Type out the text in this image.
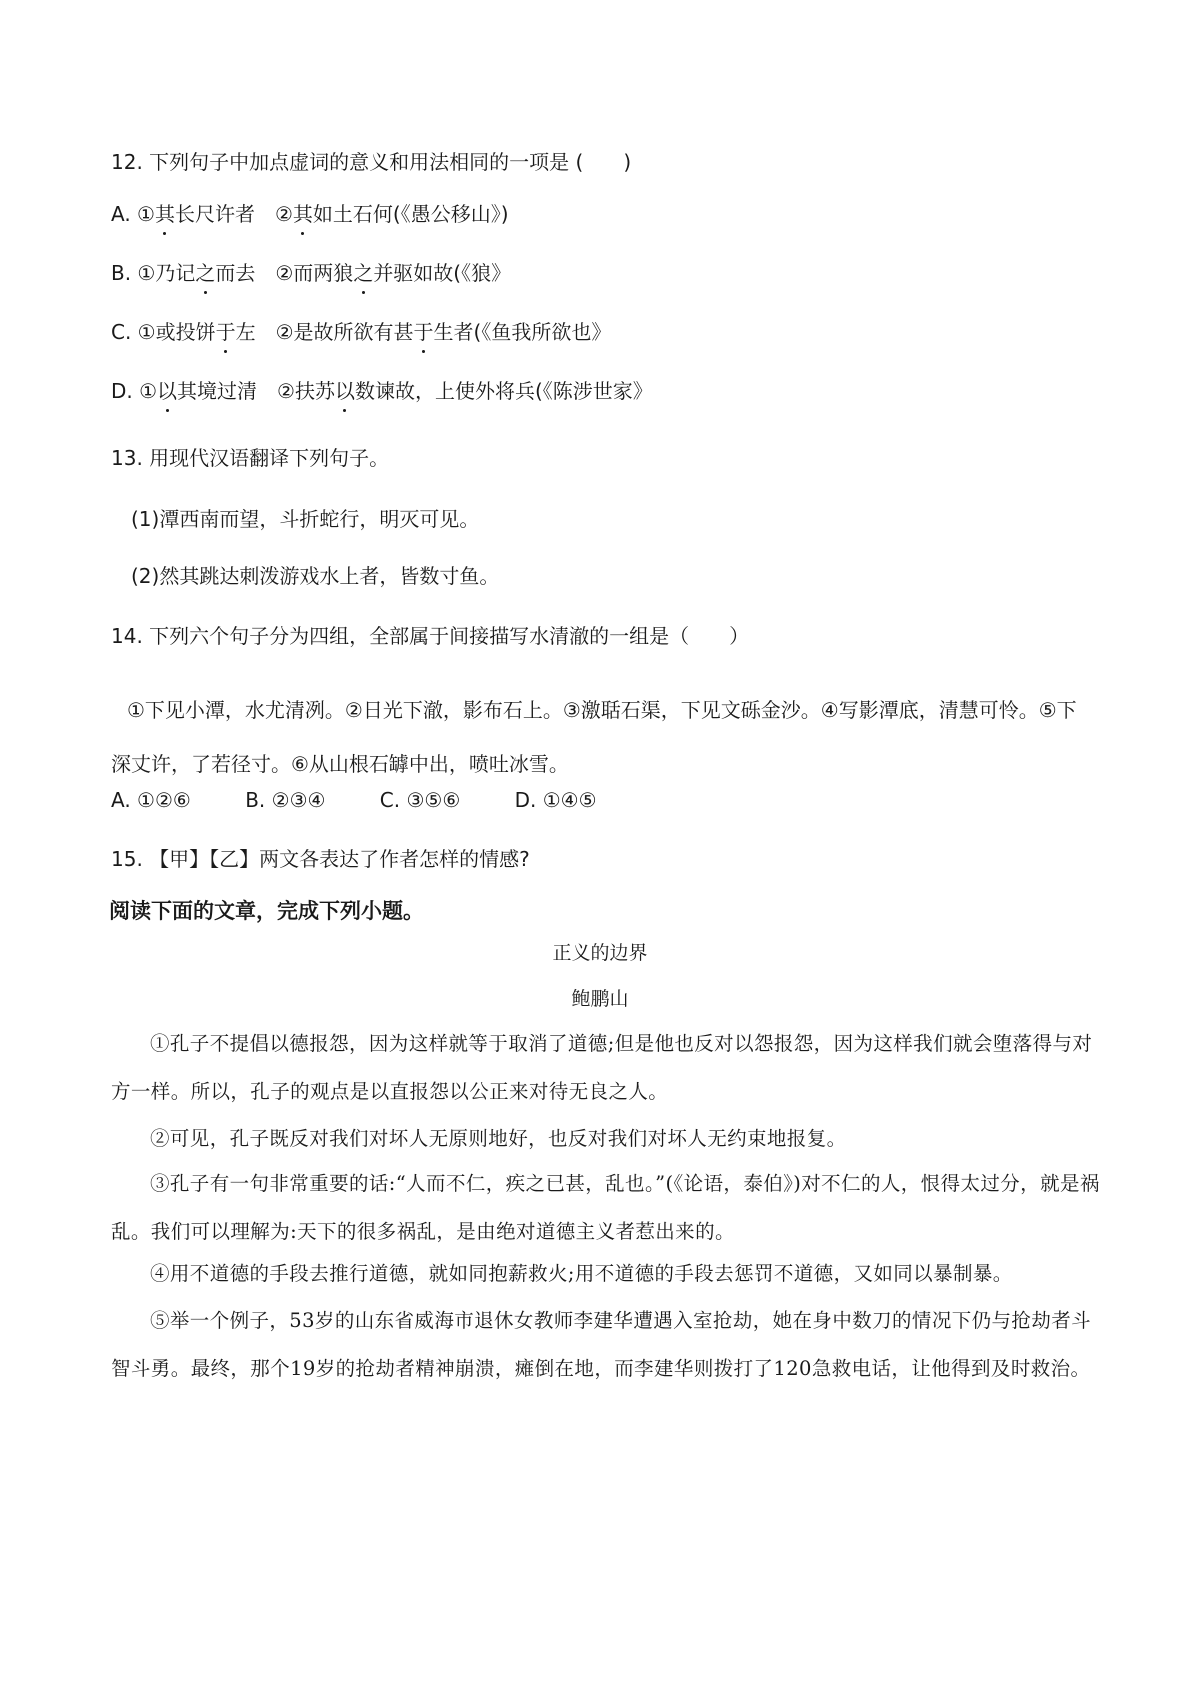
12. 下列句子中加点虚词的意义和用法相同的一项是 (　　)
A. ①其长尺许者　②其如土石何(《愚公移山》)
B. ①乃记之而去　②而两狼之并驱如故(《狼》
C. ①或投饼于左　②是故所欲有甚于生者(《鱼我所欲也》
D. ①以其境过清　②扶苏以数谏故，上使外将兵(《陈涉世家》
13. 用现代汉语翻译下列句子。
(1)潭西南而望，斗折蛇行，明灭可见。
(2)然其跳达刺泼游戏水上者，皆数寸鱼。
14. 下列六个句子分为四组，全部属于间接描写水清澈的一组是（　　）
①下见小潭，水尤清冽。②日光下澈，影布石上。③激聒石渠，下见文砾金沙。④写影潭底，清慧可怜。⑤下深丈许，了若径寸。⑥从山根石罅中出，喷吐冰雪。
A. ①②⑥	B. ②③④	C. ③⑤⑥	D. ①④⑤
15. 【甲】【乙】两文各表达了作者怎样的情感?
阅读下面的文章，完成下列小题。
正义的边界
鲍鹏山
①孔子不提倡以德报怨，因为这样就等于取消了道德;但是他也反对以怨报怨，因为这样我们就会堕落得与对方一样。所以，孔子的观点是以直报怨以公正来对待无良之人。
②可见，孔子既反对我们对坏人无原则地好，也反对我们对坏人无约束地报复。
③孔子有一句非常重要的话:“人而不仁，疾之已甚，乱也。”(《论语，泰伯》)对不仁的人，恨得太过分，就是祸乱。我们可以理解为:天下的很多祸乱，是由绝对道德主义者惹出来的。
④用不道德的手段去推行道德，就如同抱薪救火;用不道德的手段去惩罚不道德，又如同以暴制暴。
⑤举一个例子，53岁的山东省威海市退休女教师李建华遭遇入室抢劫，她在身中数刀的情况下仍与抢劫者斗智斗勇。最终，那个19岁的抢劫者精神崩溃，瘫倒在地，而李建华则拨打了120急救电话，让他得到及时救治。
